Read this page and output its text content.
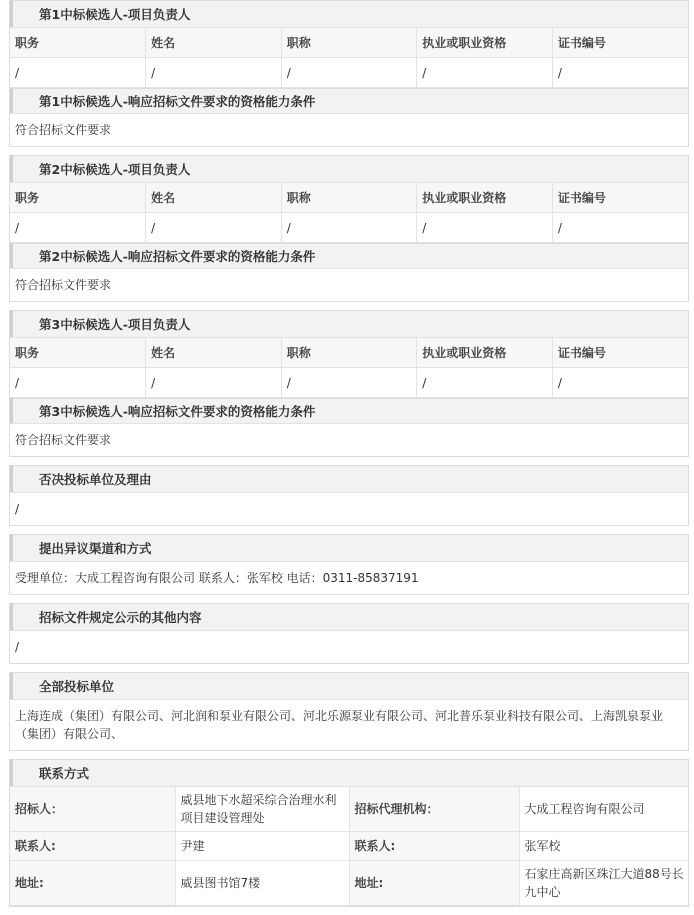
第1中标候选人-项目负责人
职务	姓名	职称	执业或职业资格	证书编号
/	/	/	/	/
第1中标候选人-响应招标文件要求的资格能力条件
符合招标文件要求
第2中标候选人-项目负责人
职务	姓名	职称	执业或职业资格	证书编号
/	/	/	/	/
第2中标候选人-响应招标文件要求的资格能力条件
符合招标文件要求
第3中标候选人-项目负责人
职务	姓名	职称	执业或职业资格	证书编号
/	/	/	/	/
第3中标候选人-响应招标文件要求的资格能力条件
符合招标文件要求
否决投标单位及理由
/
提出异议渠道和方式
受理单位：大成工程咨询有限公司 联系人：张军校 电话：0311-85837191
招标文件规定公示的其他内容
/
全部投标单位
上海连成（集团）有限公司、河北润和泵业有限公司、河北乐源泵业有限公司、河北普乐泵业科技有限公司、上海凯泉泵业（集团）有限公司、
联系方式
招标人：	威县地下水超采综合治理水利项目建设管理处	招标代理机构：	大成工程咨询有限公司
联系人:	尹建	联系人:	张军校
地址:	威县图书馆7楼	地址:	石家庄高新区珠江大道88号长九中心
